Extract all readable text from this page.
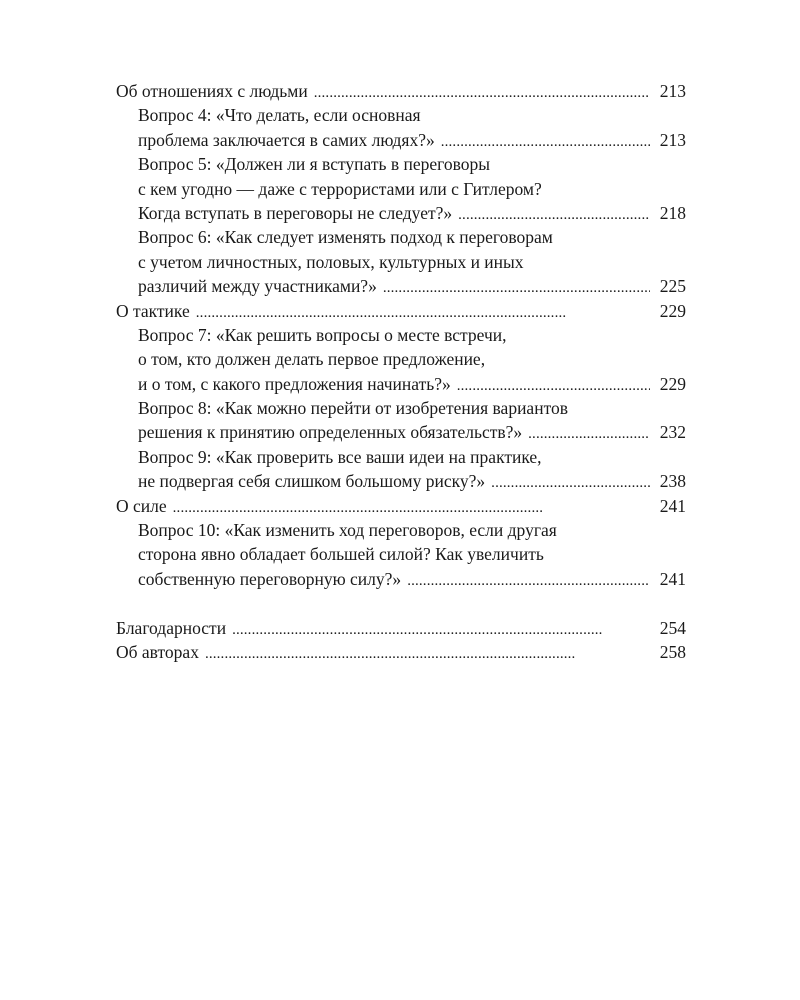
Об отношениях с людьми . . .	213
Вопрос 4: «Что делать, если основная
проблема заключается в самих людях?» . . .	213
Вопрос 5: «Должен ли я вступать в переговоры
с кем угодно — даже с террористами или с Гитлером?
Когда вступать в переговоры не следует?» . . .	218
Вопрос 6: «Как следует изменять подход к переговорам
с учетом личностных, половых, культурных и иных
различий между участниками?» . . .	225
О тактике . . .	229
Вопрос 7: «Как решить вопросы о месте встречи,
о том, кто должен делать первое предложение,
и о том, с какого предложения начинать?» . . .	229
Вопрос 8: «Как можно перейти от изобретения вариантов
решения к принятию определенных обязательств?» . . .	232
Вопрос 9: «Как проверить все ваши идеи на практике,
не подвергая себя слишком большому риску?» . . .	238
О силе . . .	241
Вопрос 10: «Как изменить ход переговоров, если другая
сторона явно обладает большей силой? Как увеличить
собственную переговорную силу?» . . .	241
Благодарности . . .	254
Об авторах . . .	258
